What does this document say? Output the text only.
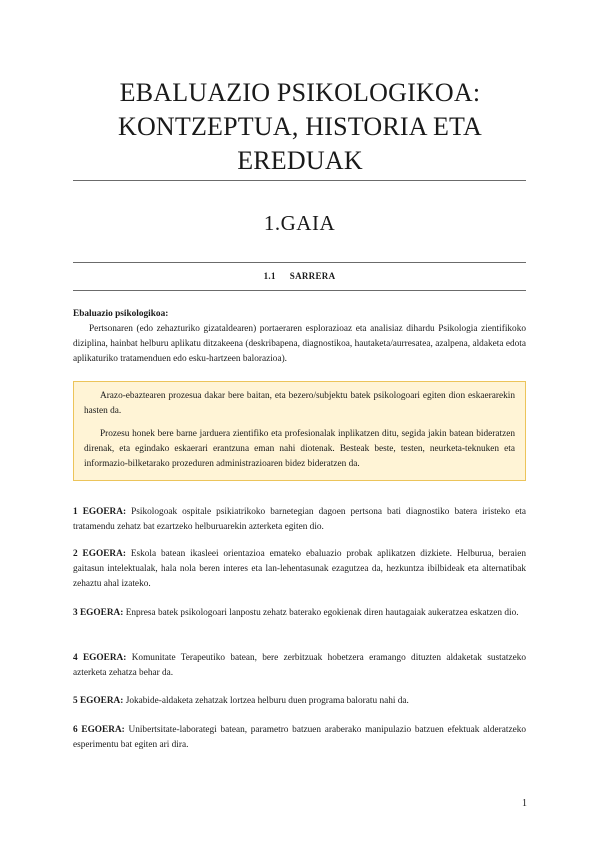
EBALUAZIO PSIKOLOGIKOA:
KONTZEPTUA, HISTORIA ETA
EREDUAK
1.GAIA
1.1 SARRERA

Ebaluazio psikologikoa:

Pertsonaren (edo zehazturiko gizataldearen) portaeraren esplorazioaz eta analisiaz dihardu Psikologia zientifikoko diziplina, hainbat helburu aplikatu ditzakeena (deskribapena, diagnostikoa, hautaketa/aurresatea, azalpena, aldaketa edota aplikaturiko tratamenduen edo esku-hartzeen balorazioa).

Arazo-ebaztearen prozesua dakar bere baitan, eta bezero/subjektu batek psikologoari egiten dion eskaerarekin hasten da.

Prozesu honek bere barne jarduera zientifiko eta profesionalak inplikatzen ditu, segida jakin batean bideratzen direnak, eta egindako eskaerari erantzuna eman nahi diotenak. Besteak beste, testen, neurketa-teknuken eta informazio-bilketarako prozeduren administrazioaren bidez bideratzen da.

1 EGOERA: Psikologoak ospitale psikiatrikoko barnetegian dagoen pertsona bati diagnostiko batera iristeko eta tratamendu zehatz bat ezartzeko helburuarekin azterketa egiten dio.

2 EGOERA: Eskola batean ikasleei orientazioa emateko ebaluazio probak aplikatzen dizkiete. Helburua, beraien gaitasun intelektualak, hala nola beren interes eta lan-lehentasunak ezagutzea da, hezkuntza ibilbideak eta alternatibak zehaztu ahal izateko.

3 EGOERA: Enpresa batek psikologoari lanpostu zehatz baterako egokienak diren hautagaiak aukeratzea eskatzen dio.

4 EGOERA: Komunitate Terapeutiko batean, bere zerbitzuak hobetzera eramango dituzten aldaketak sustatzeko azterketa zehatza behar da.

5 EGOERA: Jokabide-aldaketa zehatzak lortzea helburu duen programa baloratu nahi da.

6 EGOERA: Unibertsitate-laborategi batean, parametro batzuen araberako manipulazio batzuen efektuak alderatzeko esperimentu bat egiten ari dira.

1
